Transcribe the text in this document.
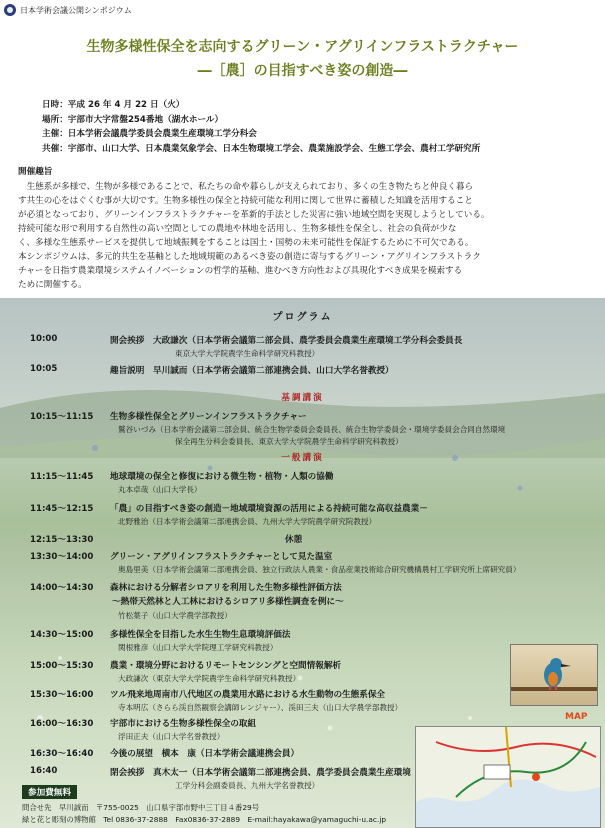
日本学術会議公開シンポジウム
生物多様性保全を志向するグリーン・アグリインフラストラクチャー
―［農］の目指すべき姿の創造―
日時：平成 26 年 4 月 22 日（火）
場所：宇部市大字常盤254番地（湖水ホール）
主催：日本学術会議農学委員会農業生産環境工学分科会
共催：宇部市、山口大学、日本農業気象学会、日本生物環境工学会、農業施設学会、生態工学会、農村工学研究所
開催趣旨
　生態系が多様で、生物が多様であることで、私たちの命や暮らしが支えられており、多くの生き物たちと仲良く暮ら
す共生の心をはぐくむ事が大切です。生物多様性の保全と持続可能な利用に関して世界に蓄積した知識を活用すること
が必須となっており、グリーンインフラストラクチャーを革新的手法とした災害に強い地域空間を実現しようとしている。
持続可能な形で利用する自然性の高い空間としての農地や林地を活用し、生物多様性を保全し、社会の負荷が少な
く、多様な生態系サービスを提供して地域振興をすることは国土・国勢の未来可能性を保証するために不可欠である。
本シンポジウムは、多元的共生を基軸とした地域規範のあるべき姿の創造に寄与するグリーン・アグリインフラストラク
チャーを日指す農業環境システムイノベーションの哲学的基軸、進むべき方向性および具現化すべき成果を模索する
ために開催する。
プログラム
10:00	開会挨拶　大政謙次（日本学術会議第二部会員、農学委員会農業生産環境工学分科会委員長
東京大学大学院農学生命科学研究科教授）
10:05	趣旨説明　早川誠而（日本学術会議第二部連携会員、山口大学名誉教授）
基調講演
10:15～11:15	生物多様性保全とグリーンインフラストラクチャー
鷲谷いづみ（日本学術会議第二部会員、統合生物学委員会委員長、統合生物学委員会・環境学委員会合同自然環境
保全再生分科会委員長、東京大学大学院農学生命科学研究科教授）
一般講演
11:15～11:45	地球環境の保全と修復における微生物・植物・人類の協働
丸本卓哉（山口大学長）
11:45～12:15	「農」の目指すべき姿の創造－地域環境資源の活用による持続可能な高収益農業－
北野雅治（日本学術会議第二部連携会員、九州大学大学院農学研究院教授）
12:15～13:30	休憩
13:30～14:00	グリーン・アグリインフラストラクチャーとして見た温室
奥島里美（日本学術会議第二部連携会員、独立行政法人農業・食品産業技術総合研究機構農村工学研究所上席研究員）
14:00～14:30	森林における分解者シロアリを利用した生物多様性評価方法
～熱帯天然林と人工林におけるシロアリ多様性調査を例に～
竹松葉子（山口大学農学部教授）
14:30～15:00	多様性保全を目指した水生生物生息環境評価法
関根雅彦（山口大学大学院理工学研究科教授）
15:00～15:30	農業・環境分野におけるリモートセンシングと空間情報解析
大政謙次（東京大学大学院農学生命科学研究科教授）
15:30～16:00	ツル飛来地周南市八代地区の農業用水路における水生動物の生態系保全
寺本明広（さらら渓自然観察会講師レンジャー）、渓田三夫（山口大学農学部教授）
16:00～16:30	宇部市における生物多様性保全の取組
浮田正夫（山口大学名誉教授）
16:30～16:40	今後の展望　横本　康（日本学術会議連携会員）
16:40	閉会挨拶　真木太一（日本学術会議第二部連携会員、農学委員会農業生産環境
工学分科会副委員長、九州大学名誉教授）
MAP
参加費無料
問合せ先　早川誠而　〒755-0025　山口県宇部市野中三丁目４番29号
緑と花と彫刻の博物館　Tel 0836-37-2888　Fax0836-37-2889　E-mail:hayakawa@yamaguchi-u.ac.jp
